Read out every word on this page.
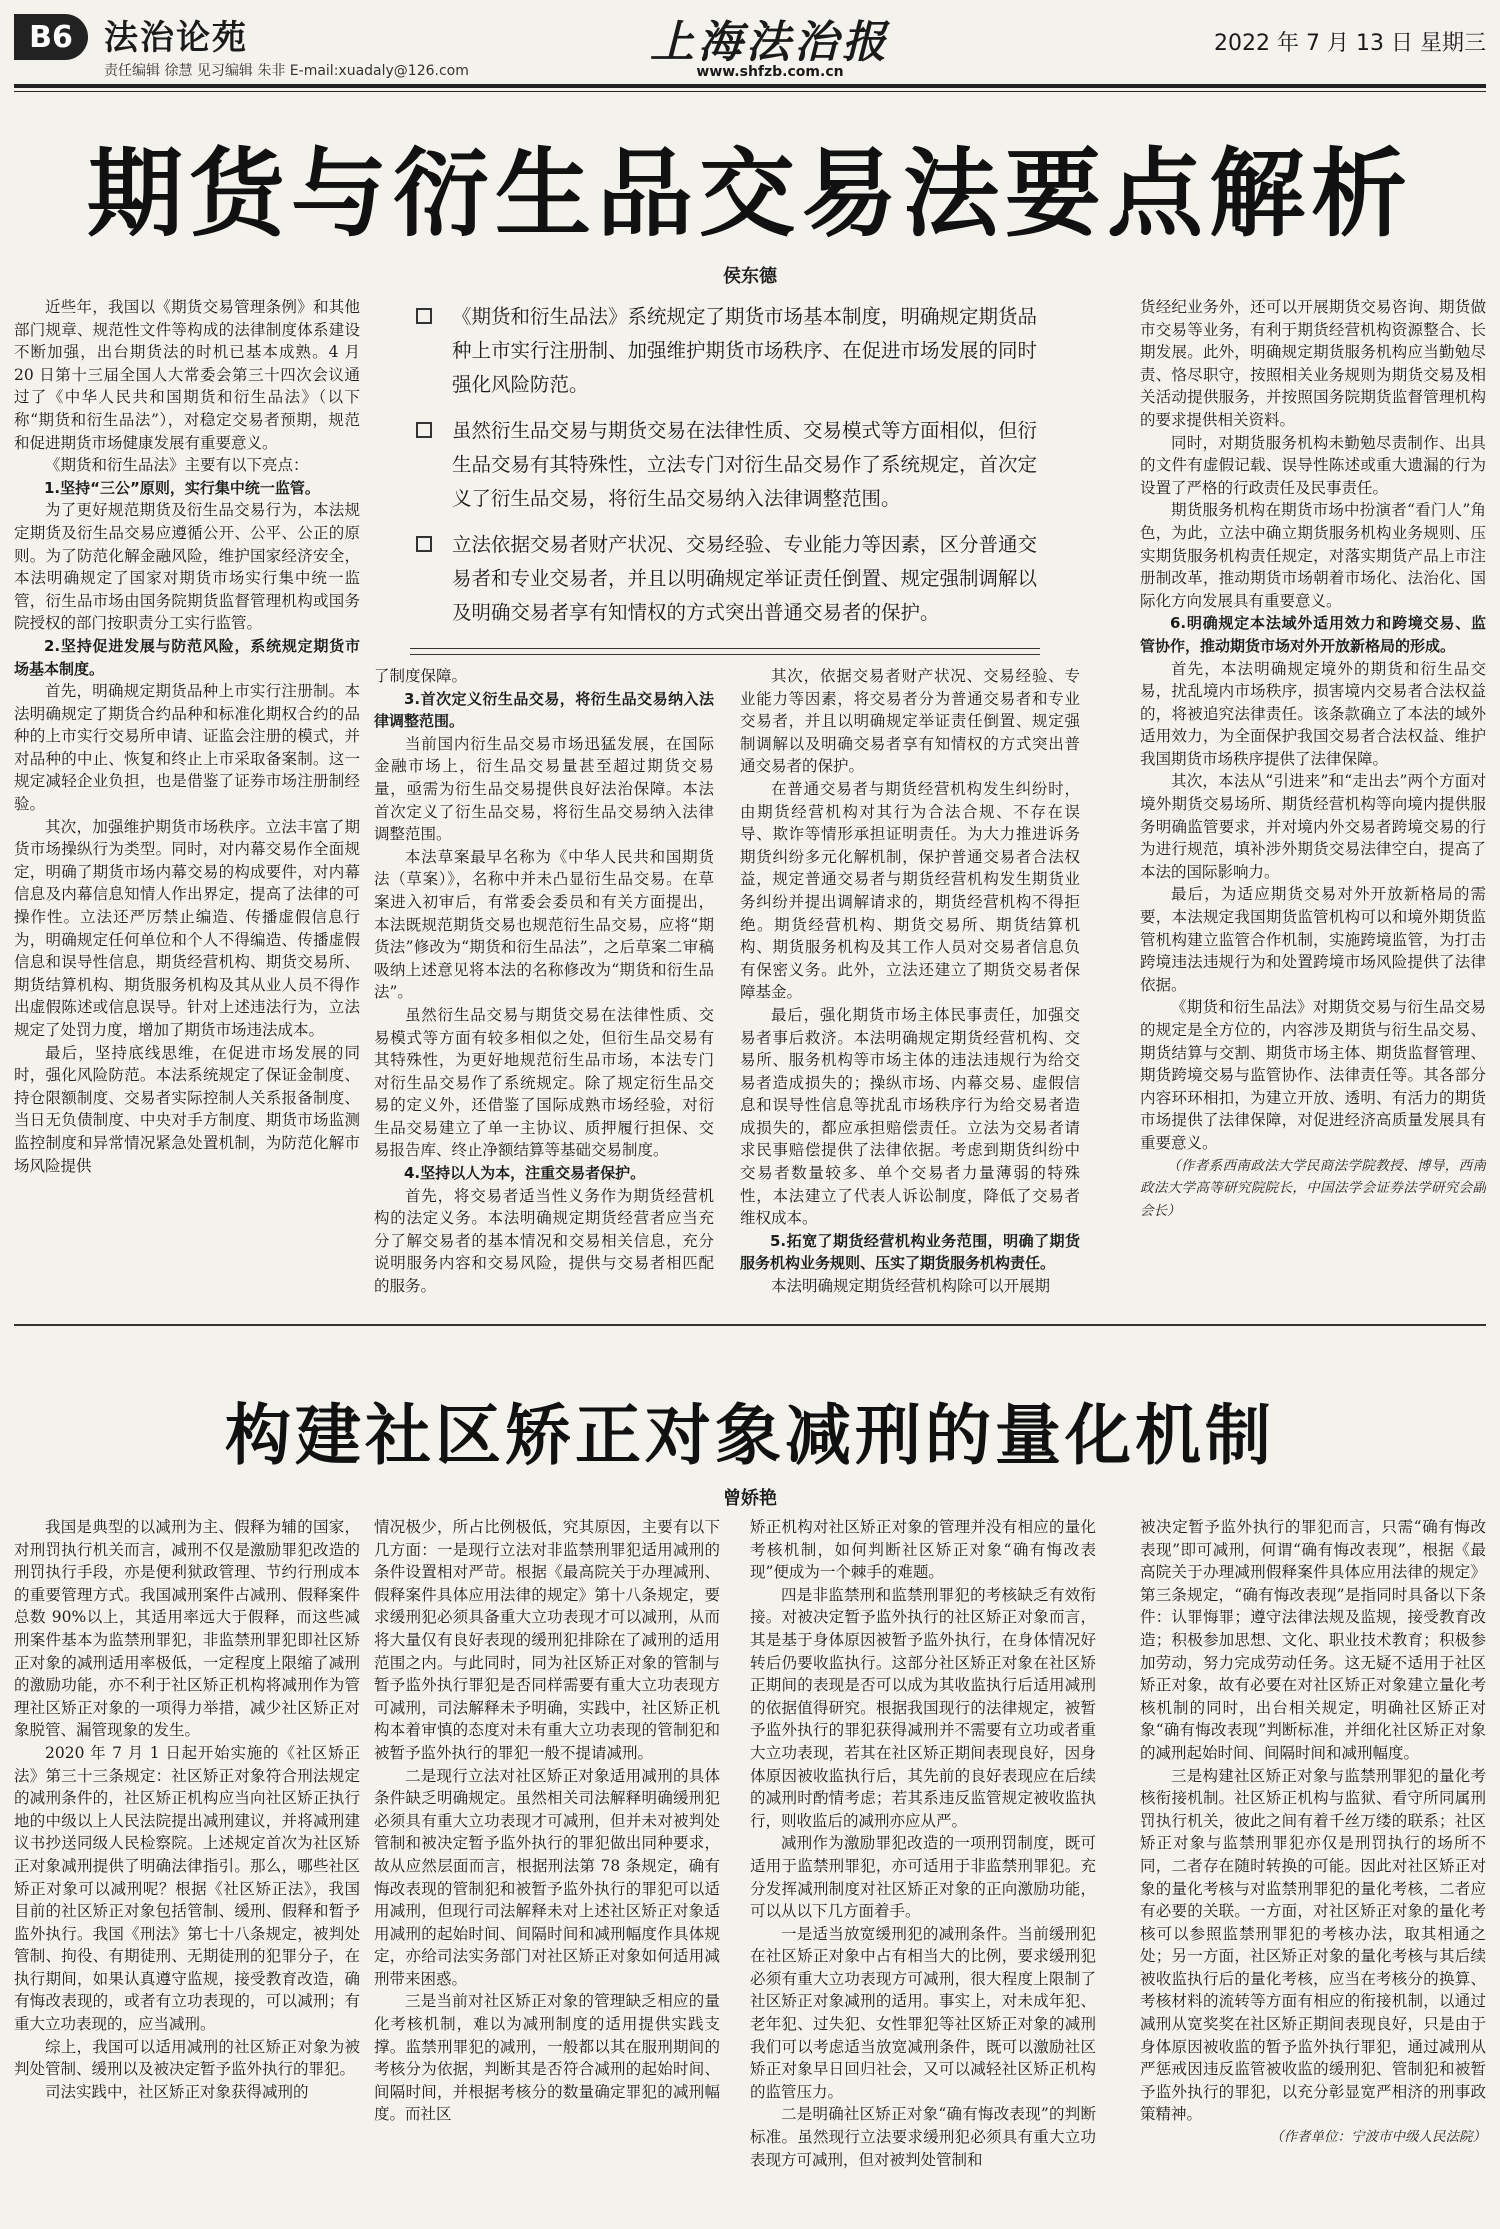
B6 法治论苑
责任编辑 徐慧 见习编辑 朱非 E-mail:xuadaly@126.com
上海法治报
www.shfzb.com.cn
2022 年 7 月 13 日 星期三
期货与衍生品交易法要点解析
侯东德

近些年，我国以《期货交易管理条例》和其他部门规章、规范性文件等构成的法律制度体系建设不断加强，出台期货法的时机已基本成熟。4 月 20 日第十三届全国人大常委会第三十四次会议通过了《中华人民共和国期货和衍生品法》（以下称“期货和衍生品法”），对稳定交易者预期，规范和促进期货市场健康发展有重要意义。

《期货和衍生品法》主要有以下亮点：

1.坚持“三公”原则，实行集中统一监管。

为了更好规范期货及衍生品交易行为，本法规定期货及衍生品交易应遵循公开、公平、公正的原则。为了防范化解金融风险，维护国家经济安全，本法明确规定了国家对期货市场实行集中统一监管，衍生品市场由国务院期货监督管理机构或国务院授权的部门按职责分工实行监管。

2.坚持促进发展与防范风险，系统规定期货市场基本制度。

首先，明确规定期货品种上市实行注册制。本法明确规定了期货合约品种和标准化期权合约的品种的上市实行交易所申请、证监会注册的模式，并对品种的中止、恢复和终止上市采取备案制。这一规定减轻企业负担，也是借鉴了证券市场注册制经验。

其次，加强维护期货市场秩序。立法丰富了期货市场操纵行为类型。同时，对内幕交易作全面规定，明确了期货市场内幕交易的构成要件，对内幕信息及内幕信息知情人作出界定，提高了法律的可操作性。立法还严厉禁止编造、传播虚假信息行为，明确规定任何单位和个人不得编造、传播虚假信息和误导性信息，期货经营机构、期货交易所、期货结算机构、期货服务机构及其从业人员不得作出虚假陈述或信息误导。针对上述违法行为，立法规定了处罚力度，增加了期货市场违法成本。

最后，坚持底线思维，在促进市场发展的同时，强化风险防范。本法系统规定了保证金制度、持仓限额制度、交易者实际控制人关系报备制度、当日无负债制度、中央对手方制度、期货市场监测监控制度和异常情况紧急处置机制，为防范化解市场风险提供

《期货和衍生品法》系统规定了期货市场基本制度，明确规定期货品种上市实行注册制、加强维护期货市场秩序、在促进市场发展的同时强化风险防范。
虽然衍生品交易与期货交易在法律性质、交易模式等方面相似，但衍生品交易有其特殊性，立法专门对衍生品交易作了系统规定，首次定义了衍生品交易，将衍生品交易纳入法律调整范围。
立法依据交易者财产状况、交易经验、专业能力等因素，区分普通交易者和专业交易者，并且以明确规定举证责任倒置、规定强制调解以及明确交易者享有知情权的方式突出普通交易者的保护。

了制度保障。

3.首次定义衍生品交易，将衍生品交易纳入法律调整范围。

当前国内衍生品交易市场迅猛发展，在国际金融市场上，衍生品交易量甚至超过期货交易量，亟需为衍生品交易提供良好法治保障。本法首次定义了衍生品交易，将衍生品交易纳入法律调整范围。

本法草案最早名称为《中华人民共和国期货法（草案）》，名称中并未凸显衍生品交易。在草案进入初审后，有常委会委员和有关方面提出，本法既规范期货交易也规范衍生品交易，应将“期货法”修改为“期货和衍生品法”，之后草案二审稿吸纳上述意见将本法的名称修改为“期货和衍生品法”。

虽然衍生品交易与期货交易在法律性质、交易模式等方面有较多相似之处，但衍生品交易有其特殊性，为更好地规范衍生品市场，本法专门对衍生品交易作了系统规定。除了规定衍生品交易的定义外，还借鉴了国际成熟市场经验，对衍生品交易建立了单一主协议、质押履行担保、交易报告库、终止净额结算等基础交易制度。

4.坚持以人为本，注重交易者保护。

首先，将交易者适当性义务作为期货经营机构的法定义务。本法明确规定期货经营者应当充分了解交易者的基本情况和交易相关信息，充分说明服务内容和交易风险，提供与交易者相匹配的服务。

其次，依据交易者财产状况、交易经验、专业能力等因素，将交易者分为普通交易者和专业交易者，并且以明确规定举证责任倒置、规定强制调解以及明确交易者享有知情权的方式突出普通交易者的保护。

在普通交易者与期货经营机构发生纠纷时，由期货经营机构对其行为合法合规、不存在误导、欺诈等情形承担证明责任。为大力推进诉务期货纠纷多元化解机制，保护普通交易者合法权益，规定普通交易者与期货经营机构发生期货业务纠纷并提出调解请求的，期货经营机构不得拒绝。期货经营机构、期货交易所、期货结算机构、期货服务机构及其工作人员对交易者信息负有保密义务。此外，立法还建立了期货交易者保障基金。

最后，强化期货市场主体民事责任，加强交易者事后救济。本法明确规定期货经营机构、交易所、服务机构等市场主体的违法违规行为给交易者造成损失的；操纵市场、内幕交易、虚假信息和误导性信息等扰乱市场秩序行为给交易者造成损失的，都应承担赔偿责任。立法为交易者请求民事赔偿提供了法律依据。考虑到期货纠纷中交易者数量较多、单个交易者力量薄弱的特殊性，本法建立了代表人诉讼制度，降低了交易者维权成本。

5.拓宽了期货经营机构业务范围，明确了期货服务机构业务规则、压实了期货服务机构责任。

本法明确规定期货经营机构除可以开展期

货经纪业务外，还可以开展期货交易咨询、期货做市交易等业务，有利于期货经营机构资源整合、长期发展。此外，明确规定期货服务机构应当勤勉尽责、恪尽职守，按照相关业务规则为期货交易及相关活动提供服务，并按照国务院期货监督管理机构的要求提供相关资料。

同时，对期货服务机构未勤勉尽责制作、出具的文件有虚假记载、误导性陈述或重大遗漏的行为设置了严格的行政责任及民事责任。

期货服务机构在期货市场中扮演者“看门人”角色，为此，立法中确立期货服务机构业务规则、压实期货服务机构责任规定，对落实期货产品上市注册制改革，推动期货市场朝着市场化、法治化、国际化方向发展具有重要意义。

6.明确规定本法域外适用效力和跨境交易、监管协作，推动期货市场对外开放新格局的形成。

首先，本法明确规定境外的期货和衍生品交易，扰乱境内市场秩序，损害境内交易者合法权益的，将被追究法律责任。该条款确立了本法的域外适用效力，为全面保护我国交易者合法权益、维护我国期货市场秩序提供了法律保障。

其次，本法从“引进来”和“走出去”两个方面对境外期货交易场所、期货经营机构等向境内提供服务明确监管要求，并对境内外交易者跨境交易的行为进行规范，填补涉外期货交易法律空白，提高了本法的国际影响力。

最后，为适应期货交易对外开放新格局的需要，本法规定我国期货监管机构可以和境外期货监管机构建立监管合作机制，实施跨境监管，为打击跨境违法违规行为和处置跨境市场风险提供了法律依据。

《期货和衍生品法》对期货交易与衍生品交易的规定是全方位的，内容涉及期货与衍生品交易、期货结算与交割、期货市场主体、期货监督管理、期货跨境交易与监管协作、法律责任等。其各部分内容环环相扣，为建立开放、透明、有活力的期货市场提供了法律保障，对促进经济高质量发展具有重要意义。

（作者系西南政法大学民商法学院教授、博导，西南政法大学高等研究院院长，中国法学会证券法学研究会副会长）

构建社区矫正对象减刑的量化机制
曾娇艳

我国是典型的以减刑为主、假释为辅的国家，对刑罚执行机关而言，减刑不仅是激励罪犯改造的刑罚执行手段，亦是便利狱政管理、节约行刑成本的重要管理方式。我国减刑案件占减刑、假释案件总数 90%以上，其适用率远大于假释，而这些减刑案件基本为监禁刑罪犯，非监禁刑罪犯即社区矫正对象的减刑适用率极低，一定程度上限缩了减刑的激励功能，亦不利于社区矫正机构将减刑作为管理社区矫正对象的一项得力举措，减少社区矫正对象脱管、漏管现象的发生。

2020 年 7 月 1 日起开始实施的《社区矫正法》第三十三条规定：社区矫正对象符合刑法规定的减刑条件的，社区矫正机构应当向社区矫正执行地的中级以上人民法院提出减刑建议，并将减刑建议书抄送同级人民检察院。上述规定首次为社区矫正对象减刑提供了明确法律指引。那么，哪些社区矫正对象可以减刑呢？根据《社区矫正法》，我国目前的社区矫正对象包括管制、缓刑、假释和暂予监外执行。我国《刑法》第七十八条规定，被判处管制、拘役、有期徒刑、无期徒刑的犯罪分子，在执行期间，如果认真遵守监规，接受教育改造，确有悔改表现的，或者有立功表现的，可以减刑；有重大立功表现的，应当减刑。

综上，我国可以适用减刑的社区矫正对象为被判处管制、缓刑以及被决定暂予监外执行的罪犯。

司法实践中，社区矫正对象获得减刑的

情况极少，所占比例极低，究其原因，主要有以下几方面：一是现行立法对非监禁刑罪犯适用减刑的条件设置相对严苛。根据《最高院关于办理减刑、假释案件具体应用法律的规定》第十八条规定，要求缓刑犯必须具备重大立功表现才可以减刑，从而将大量仅有良好表现的缓刑犯排除在了减刑的适用范围之内。与此同时，同为社区矫正对象的管制与暂予监外执行罪犯是否同样需要有重大立功表现方可减刑，司法解释未予明确，实践中，社区矫正机构本着审慎的态度对未有重大立功表现的管制犯和被暂予监外执行的罪犯一般不提请减刑。

二是现行立法对社区矫正对象适用减刑的具体条件缺乏明确规定。虽然相关司法解释明确缓刑犯必须具有重大立功表现才可减刑，但并未对被判处管制和被决定暂予监外执行的罪犯做出同种要求，故从应然层面而言，根据刑法第 78 条规定，确有悔改表现的管制犯和被暂予监外执行的罪犯可以适用减刑，但现行司法解释未对上述社区矫正对象适用减刑的起始时间、间隔时间和减刑幅度作具体规定，亦给司法实务部门对社区矫正对象如何适用减刑带来困惑。

三是当前对社区矫正对象的管理缺乏相应的量化考核机制，难以为减刑制度的适用提供实践支撑。监禁刑罪犯的减刑，一般都以其在服刑期间的考核分为依据，判断其是否符合减刑的起始时间、间隔时间，并根据考核分的数量确定罪犯的减刑幅度。而社区

矫正机构对社区矫正对象的管理并没有相应的量化考核机制，如何判断社区矫正对象“确有悔改表现”便成为一个棘手的难题。

四是非监禁刑和监禁刑罪犯的考核缺乏有效衔接。对被决定暂予监外执行的社区矫正对象而言，其是基于身体原因被暂予监外执行，在身体情况好转后仍要收监执行。这部分社区矫正对象在社区矫正期间的表现是否可以成为其收监执行后适用减刑的依据值得研究。根据我国现行的法律规定，被暂予监外执行的罪犯获得减刑并不需要有立功或者重大立功表现，若其在社区矫正期间表现良好，因身体原因被收监执行后，其先前的良好表现应在后续的减刑时酌情考虑；若其系违反监管规定被收监执行，则收监后的减刑亦应从严。

减刑作为激励罪犯改造的一项刑罚制度，既可适用于监禁刑罪犯，亦可适用于非监禁刑罪犯。充分发挥减刑制度对社区矫正对象的正向激励功能，可以从以下几方面着手。

一是适当放宽缓刑犯的减刑条件。当前缓刑犯在社区矫正对象中占有相当大的比例，要求缓刑犯必须有重大立功表现方可减刑，很大程度上限制了社区矫正对象减刑的适用。事实上，对未成年犯、老年犯、过失犯、女性罪犯等社区矫正对象的减刑我们可以考虑适当放宽减刑条件，既可以激励社区矫正对象早日回归社会，又可以减轻社区矫正机构的监管压力。

二是明确社区矫正对象“确有悔改表现”的判断标准。虽然现行立法要求缓刑犯必须具有重大立功表现方可减刑，但对被判处管制和

被决定暂予监外执行的罪犯而言，只需“确有悔改表现”即可减刑，何谓“确有悔改表现”，根据《最高院关于办理减刑假释案件具体应用法律的规定》第三条规定，“确有悔改表现”是指同时具备以下条件：认罪悔罪；遵守法律法规及监规，接受教育改造；积极参加思想、文化、职业技术教育；积极参加劳动，努力完成劳动任务。这无疑不适用于社区矫正对象，故有必要在对社区矫正对象建立量化考核机制的同时，出台相关规定，明确社区矫正对象“确有悔改表现”判断标准，并细化社区矫正对象的减刑起始时间、间隔时间和减刑幅度。

三是构建社区矫正对象与监禁刑罪犯的量化考核衔接机制。社区矫正机构与监狱、看守所同属刑罚执行机关，彼此之间有着千丝万缕的联系；社区矫正对象与监禁刑罪犯亦仅是刑罚执行的场所不同，二者存在随时转换的可能。因此对社区矫正对象的量化考核与对监禁刑罪犯的量化考核，二者应有必要的关联。一方面，对社区矫正对象的量化考核可以参照监禁刑罪犯的考核办法，取其相通之处；另一方面，社区矫正对象的量化考核与其后续被收监执行后的量化考核，应当在考核分的换算、考核材料的流转等方面有相应的衔接机制，以通过减刑从宽奖奖在社区矫正期间表现良好，只是由于身体原因被收监的暂予监外执行罪犯，通过减刑从严惩戒因违反监管被收监的缓刑犯、管制犯和被暂予监外执行的罪犯，以充分彰显宽严相济的刑事政策精神。

（作者单位：宁波市中级人民法院）
